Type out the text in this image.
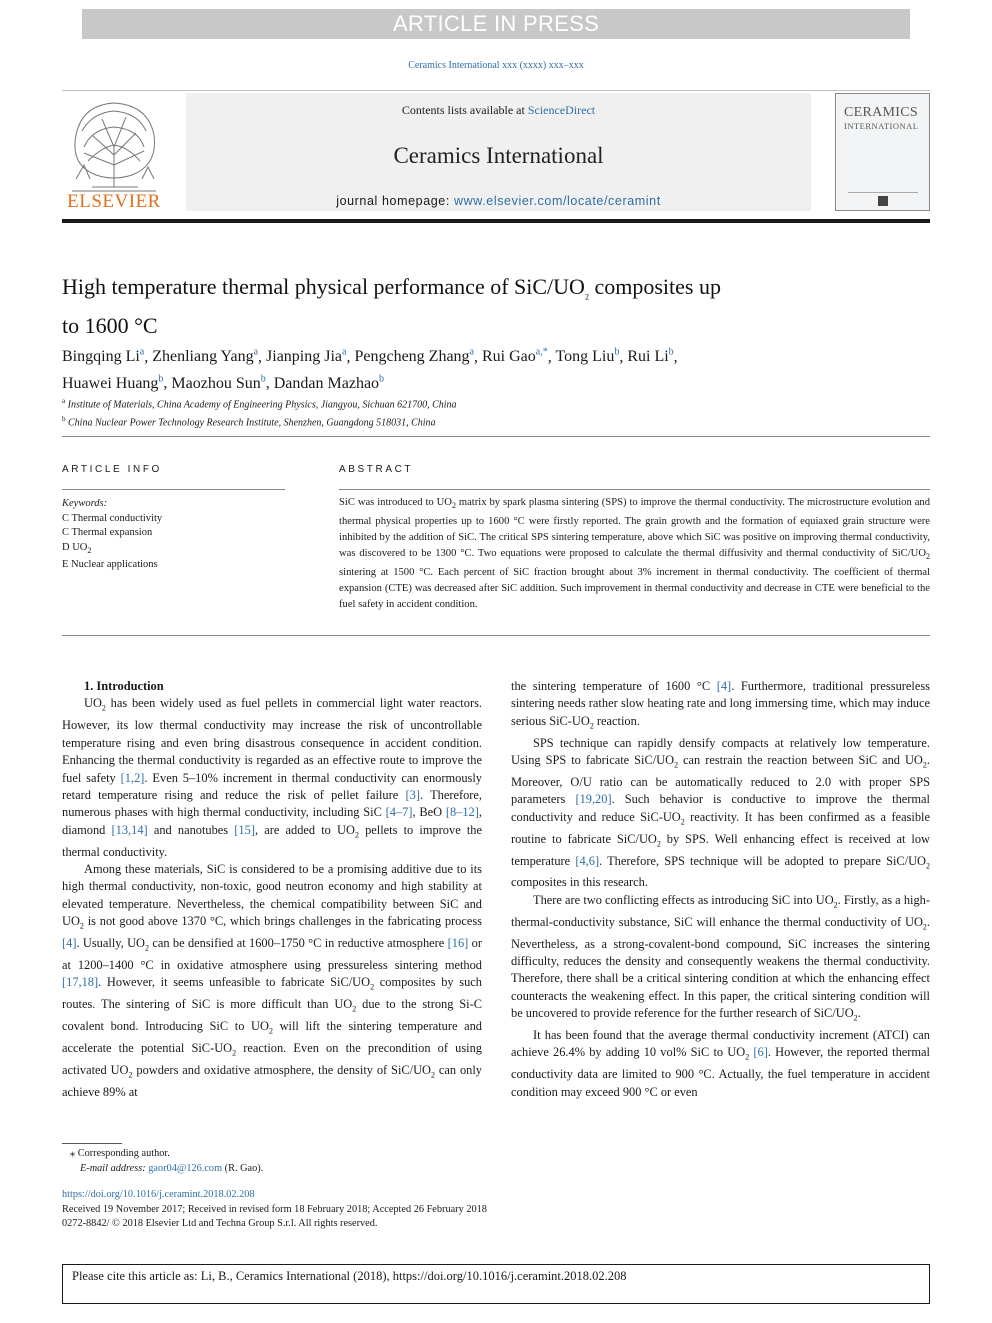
ARTICLE IN PRESS
Ceramics International xxx (xxxx) xxx–xxx
ELSEVIER
Contents lists available at ScienceDirect
Ceramics International
journal homepage: www.elsevier.com/locate/ceramint
CERAMICS
INTERNATIONAL
High temperature thermal physical performance of SiC/$UO_2$ composites up
to 1600 °C
Bingqing Li$^a$, Zhenliang Yang$^a$, Jianping Jia$^a$, Pengcheng Zhang$^a$, Rui Gao$^{a,*}$, Tong Liu$^b$, Rui Li$^b$,
Huawei Huang$^b$, Maozhou Sun$^b$, Dandan Mazhao$^b$
$^a$ Institute of Materials, China Academy of Engineering Physics, Jiangyou, Sichuan 621700, China
$^b$ China Nuclear Power Technology Research Institute, Shenzhen, Guangdong 518031, China
ARTICLE INFO	ABSTRACT
Keywords:
C Thermal conductivity
C Thermal expansion
D $UO_2$
E Nuclear applications
SiC was introduced to $UO_2$ matrix by spark plasma sintering (SPS) to improve the thermal conductivity. The microstructure evolution and thermal physical properties up to 1600 °C were firstly reported. The grain growth and the formation of equiaxed grain structure were inhibited by the addition of SiC. The critical SPS sintering temperature, above which SiC was positive on improving thermal conductivity, was discovered to be 1300 °C. Two equations were proposed to calculate the thermal diffusivity and thermal conductivity of SiC/$UO_2$ sintering at 1500 °C. Each percent of SiC fraction brought about 3% increment in thermal conductivity. The coefficient of thermal expansion (CTE) was decreased after SiC addition. Such improvement in thermal conductivity and decrease in CTE were beneficial to the fuel safety in accident condition.

1. Introduction

$UO_2$ has been widely used as fuel pellets in commercial light water reactors. However, its low thermal conductivity may increase the risk of uncontrollable temperature rising and even bring disastrous consequence in accident condition. Enhancing the thermal conductivity is regarded as an effective route to improve the fuel safety [1,2]. Even 5–10% increment in thermal conductivity can enormously retard temperature rising and reduce the risk of pellet failure [3]. Therefore, numerous phases with high thermal conductivity, including SiC [4–7], BeO [8–12], diamond [13,14] and nanotubes [15], are added to $UO_2$ pellets to improve the thermal conductivity.

Among these materials, SiC is considered to be a promising additive due to its high thermal conductivity, non-toxic, good neutron economy and high stability at elevated temperature. Nevertheless, the chemical compatibility between SiC and $UO_2$ is not good above 1370 °C, which brings challenges in the fabricating process [4]. Usually, $UO_2$ can be densified at 1600–1750 °C in reductive atmosphere [16] or at 1200–1400 °C in oxidative atmosphere using pressureless sintering method [17,18]. However, it seems unfeasible to fabricate SiC/$UO_2$ composites by such routes. The sintering of SiC is more difficult than $UO_2$ due to the strong Si-C covalent bond. Introducing SiC to $UO_2$ will lift the sintering temperature and accelerate the potential SiC-$UO_2$ reaction. Even on the precondition of using activated $UO_2$ powders and oxidative atmosphere, the density of SiC/$UO_2$ can only achieve 89% at

the sintering temperature of 1600 °C [4]. Furthermore, traditional pressureless sintering needs rather slow heating rate and long immersing time, which may induce serious SiC-$UO_2$ reaction.

SPS technique can rapidly densify compacts at relatively low temperature. Using SPS to fabricate SiC/$UO_2$ can restrain the reaction between SiC and $UO_2$. Moreover, O/U ratio can be automatically reduced to 2.0 with proper SPS parameters [19,20]. Such behavior is conductive to improve the thermal conductivity and reduce SiC-$UO_2$ reactivity. It has been confirmed as a feasible routine to fabricate SiC/$UO_2$ by SPS. Well enhancing effect is received at low temperature [4,6]. Therefore, SPS technique will be adopted to prepare SiC/$UO_2$ composites in this research.

There are two conflicting effects as introducing SiC into $UO_2$. Firstly, as a high-thermal-conductivity substance, SiC will enhance the thermal conductivity of $UO_2$. Nevertheless, as a strong-covalent-bond compound, SiC increases the sintering difficulty, reduces the density and consequently weakens the thermal conductivity. Therefore, there shall be a critical sintering condition at which the enhancing effect counteracts the weakening effect. In this paper, the critical sintering condition will be uncovered to provide reference for the further research of SiC/$UO_2$.

It has been found that the average thermal conductivity increment (ATCI) can achieve 26.4% by adding 10 vol% SiC to $UO_2$ [6]. However, the reported thermal conductivity data are limited to 900 °C. Actually, the fuel temperature in accident condition may exceed 900 °C or even

⁎ Corresponding author.
E-mail address: gaor04@126.com (R. Gao).
https://doi.org/10.1016/j.ceramint.2018.02.208
Received 19 November 2017; Received in revised form 18 February 2018; Accepted 26 February 2018
0272-8842/ © 2018 Elsevier Ltd and Techna Group S.r.l. All rights reserved.
Please cite this article as: Li, B., Ceramics International (2018), https://doi.org/10.1016/j.ceramint.2018.02.208
